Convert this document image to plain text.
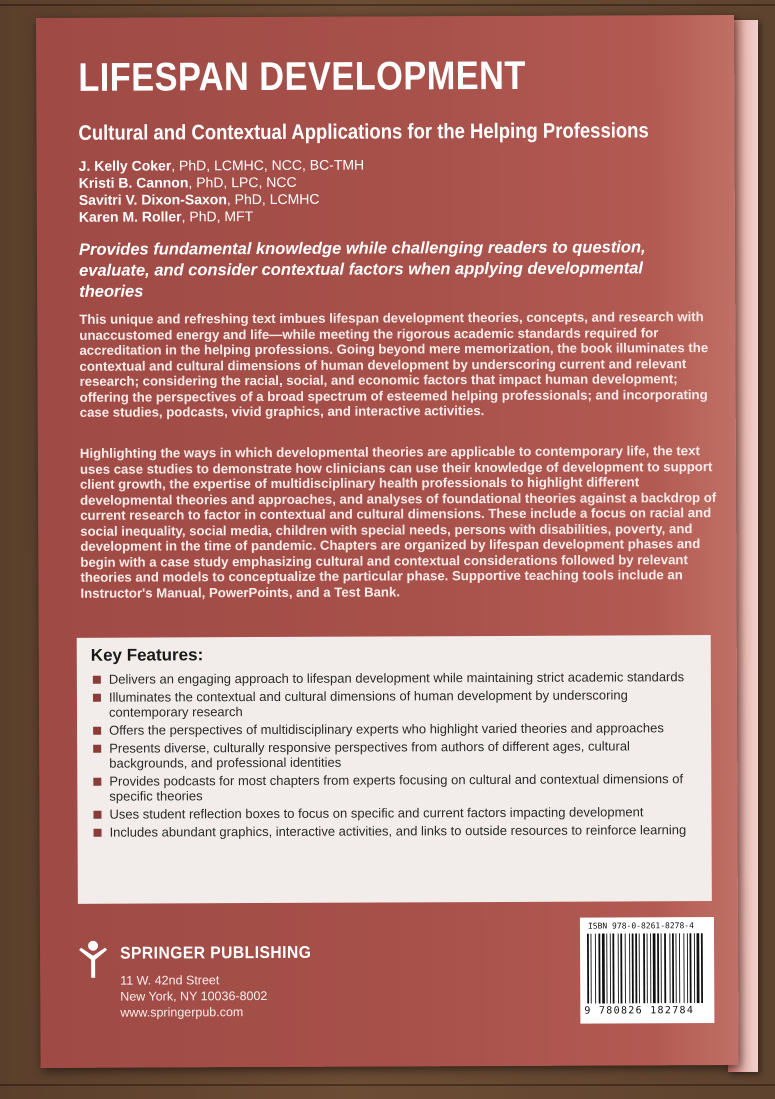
LIFESPAN DEVELOPMENT
Cultural and Contextual Applications for the Helping Professions
J. Kelly Coker, PhD, LCMHC, NCC, BC-TMH
Kristi B. Cannon, PhD, LPC, NCC
Savitri V. Dixon-Saxon, PhD, LCMHC
Karen M. Roller, PhD, MFT

Provides fundamental knowledge while challenging readers to question, evaluate, and consider contextual factors when applying developmental theories

This unique and refreshing text imbues lifespan development theories, concepts, and research with unaccustomed energy and life—while meeting the rigorous academic standards required for accreditation in the helping professions. Going beyond mere memorization, the book illuminates the contextual and cultural dimensions of human development by underscoring current and relevant research; considering the racial, social, and economic factors that impact human development; offering the perspectives of a broad spectrum of esteemed helping professionals; and incorporating case studies, podcasts, vivid graphics, and interactive activities.

Highlighting the ways in which developmental theories are applicable to contemporary life, the text uses case studies to demonstrate how clinicians can use their knowledge of development to support client growth, the expertise of multidisciplinary health professionals to highlight different developmental theories and approaches, and analyses of foundational theories against a backdrop of current research to factor in contextual and cultural dimensions. These include a focus on racial and social inequality, social media, children with special needs, persons with disabilities, poverty, and development in the time of pandemic. Chapters are organized by lifespan development phases and begin with a case study emphasizing cultural and contextual considerations followed by relevant theories and models to conceptualize the particular phase. Supportive teaching tools include an Instructor's Manual, PowerPoints, and a Test Bank.

Key Features:
Delivers an engaging approach to lifespan development while maintaining strict academic standards
Illuminates the contextual and cultural dimensions of human development by underscoring contemporary research
Offers the perspectives of multidisciplinary experts who highlight varied theories and approaches
Presents diverse, culturally responsive perspectives from authors of different ages, cultural backgrounds, and professional identities
Provides podcasts for most chapters from experts focusing on cultural and contextual dimensions of specific theories
Uses student reflection boxes to focus on specific and current factors impacting development
Includes abundant graphics, interactive activities, and links to outside resources to reinforce learning
SPRINGER PUBLISHING
11 W. 42nd Street
New York, NY 10036-8002
www.springerpub.com
ISBN 978-0-8261-8278-4
9 780826 182784
